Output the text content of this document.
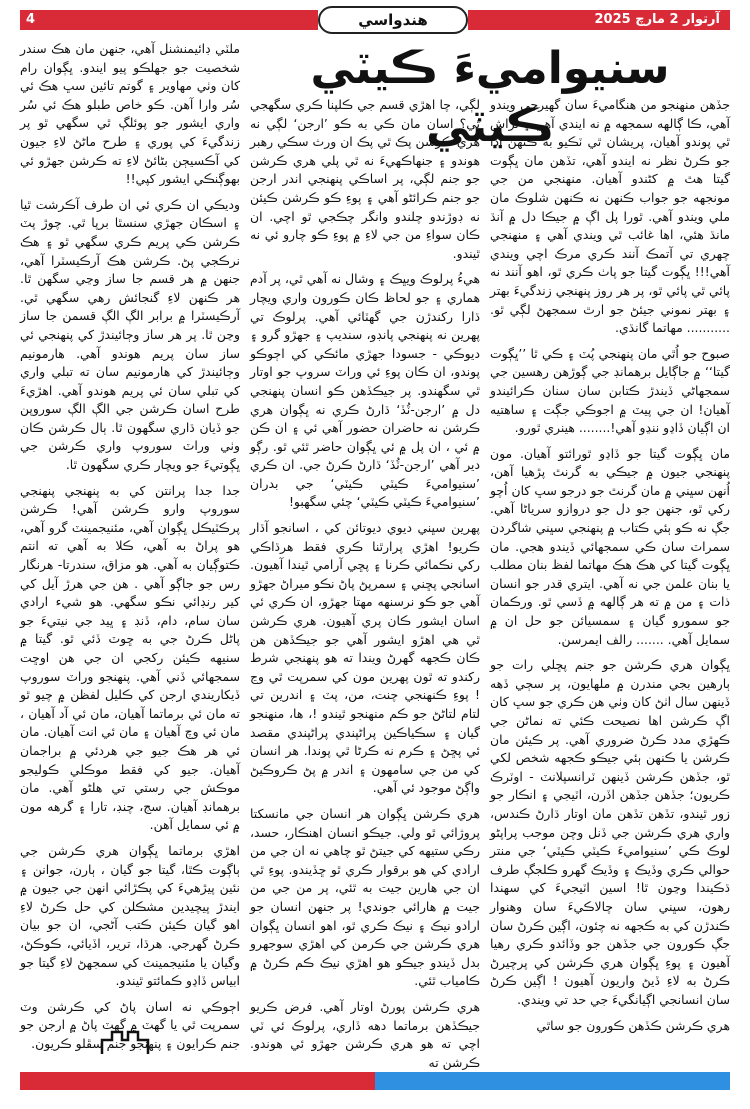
4	هندواسي	آرتوار 2 مارچ 2025
سنيواميءَ ڪيٽي ڪيٽي

جڏهن منهنجو من هنگاميءَ سان گهيرجي ويندو آهي، ڪا ڳالهه سمجهه ۾ نه ايندي آهي ۽ نراش ٿي پوندو آهيان، پريشان ٿي ٽڪيو به ڪنهن آڌا جو ڪرڻ نظر نه ايندو آهي، تڏهن مان ڀڳوت گيتا هٿ ۾ کڻندو آهيان. منهنجي من جي مونجهه جو جواب ڪنهن نه ڪنهن شلوڪ مان ملي ويندو آهي. ٿورا پل اڳ ۾ جيڪا دل ۾ آنڌ مانڌ هئي، اها غائب ٿي ويندي آهي ۽ منهنجي چهري تي آتمڪ آنند ڪري مرڪ اچي ويندي آهي!!! ڀڳوت گيتا جو پاٺ ڪري ٿو، اهو آنند نه پائي ٿي پائي ٿو، پر هر روز پنهنجي زندگيءَ بهتر ۽ بهتر نموني جيئڻ جو ارٿ سمجهڻ لڳي ٿو. ........... مهاتما گانڌي.

صبوح جو اُٿي مان پنهنجي پُٽ ۽ ڪي ٿا ’’ڀڳوت گيتا‘‘ ۾ جاڳايل برهمانڊ جي ڳوڙهن رهسين جي سمجهاڻي ڏيندڙ ڪتابن سان سنان ڪرائيندو آهيان! ان جي پيٽ ۾ اجوڪي جڳت ۽ ساهتيه ان اڳيان ڏاڍو ننڍو آهي!........ هينري ٿورو.

مان ڀڳوت گيتا جو ڏاڍو ٿورائتو آهيان. مون پنهنجي جيون ۾ جيڪي به گرنٿ پڙهيا آهن، اُنهن سڀني ۾ مان گرنٿ جو درجو سڀ کان اُچو رکي ٿو، جنهن جو دل جو دروازو سرياڻا آهي. جڳ نه ڪو ٻئي ڪتاب ۾ پنهنجي سڀني شاگردن سمراٽ سان ڪي سمجهائي ڏيندو هجي. مان ڀڳوت گيتا کي هڪ هڪ مهاتما لفظ بنان مطلب يا بنان علمن جي نه آهي. ايتري قدر جو انسان ذات ۽ من ۾ ته هر ڳالهه ۾ ڏسي ٿو. ورڪمان جو سمورو گيان ۽ سمسيائن جو حل ان ۾ سمايل آهي. ....... رالف ايمرسن.

ڀڳوان هري ڪرشن جو جنم پڇلي رات جو ٻارهين بجي مندرن ۾ ملهايون، پر سڄي ڏهه ڏينهن سال اٺڻ کان وٺي هن ڪري جو سڀ کان اڳ ڪرشن اها نصيحت ڪئي ته نماڻن جي ڪهڙي مدد ڪرڻ ضروري آهي. پر ڪيئن مان ڪرشن يا ڪنهن ٻئي جيڪو ڪجهه شخص لکي ٿو، جڏهن ڪرشن ڏينهن ٽرانسپلانٽ - اوٽرڪ ڪريون؛ جڏهن جڏهن اڏرن، اٽيجي ۽ انڪار جو زور ٿيندو، تڏهن تڏهن مان اوتار ڌارڻ ڪندس، واري هري ڪرشن جي ڏنل وچن موجب پراپڻو لوڪ ڪي ’سنيواميءَ ڪيٽي ڪيٽي‘ جي منتر حوالي ڪري وڏيڪ ۽ وڏيڪ گهرو ڪلجڳ طرف ڌڪيندا وڃون ٿا! اسين اٽيجيءَ کي سهندا رهون، سڀني سان چالاڪيءَ سان وهنوار ڪندڙن کي به ڪجهه نه چئون، اڳين ڪرڻ سان جڳ ڪورون جي جڏهن جو وڏائدو ڪري رهيا آهيون ۽ پوءِ ڀڳوان هري ڪرشن کي پرچيرڻ ڪرڻ به لاءِ ڏيڻ واريون آهيون ! اڳين ڪرڻ سان انسانجي اڳيانگيءَ جي حد تي ويندي.

هري ڪرشن ڪڏهن ڪورون جو ساٿي

لڳي، چا اهڙي قسم جي ڪلپنا ڪري سگهجي ٿي؟ اسان مان ڪي به ڪو ’ارجن‘ لڳي نه هري ڪرشن پڪ ٿي پڪ ان ورث سڪي رهبر هوندو ۽ جنهاڪهيءَ نه ٿي پلي هري ڪرشن جو جنم لڳي، پر اساڪي پنهنجي اندر ارجن جو جنم ڪرائڻو آهي ۽ پوءِ ڪو ڪرشن ڪيئن نه ڊوڙندو چلندو وانگر چڪجي ٿو اچي. ان ڪان سواءِ من جي لاءِ ۾ پوءِ ڪو چارو ئي نه ٿيندو.

هيءُ پرلوڪ ويڀڪ ۽ وشال نه آهي ٿي، پر آدم هماري ۽ جو لحاظ ڪان ڪورون واري ويچار ڌارا رکندڙن جي گهٽائي آهي. پرلوڪ تي پهرين نه پنهنجي پانڊو، سنديپ ۽ جهڙو گرو ۽ ديوڪي - جسودا جهڙي مائڪي کي اڄوڪو پوندو، ان ڪان پوءِ ئي وراٽ سروپ جو اوتار ٿي سگهندو. پر جيڪڏهن ڪو انسان پنهنجي دل ۾ ’ارجن-ٽُڏ‘ ڌارڻ ڪري نه ڀڳوان هري ڪرشن نه حاضران حضور آهي ئي ۽ ان ڪن ۾ ئي ، ان پل ۾ ئي ڀڳوان حاضر ٿئي ٿو. رڳو دير آهي ’ارجن-ٽُڏ‘ ڌارڻ ڪرڻ جي. ان ڪري ’سنيواميءَ ڪيٽي ڪيٽي‘ جي بدران ’سنيواميءَ ڪيٽي ڪيٽي‘ چئي سگهبو!

پهرين سڀني ديوي ديوتائن کي ، اسانجو آڌار ڪريو! اهڙي پرارٿنا ڪري فقط هرڌاڪي رکي نڪمائي ڪرنا ۽ پڇي آرامي ٿيندا آهيون. اسانجي پڇني ۽ سمرپڻ پاڻ نڪو ميراڻ جهڙو آهي جو ڪو نرسنهه مهتا جهڙو، ان ڪري ئي اسان ايشور ڪان پري آهيون. هري ڪرشن ٿي هي اهڙو ايشور آهي جو جيڪڏهن هن ڪان ڪجهه گهرڻ ويندا ته هو پنهنجي شرط رکندو ته ٿون پهرين مون کي سمرپت ٿي وڃ ! پوءِ ڪنهنجي چنت، من، پٽ ۽ اندرين تي لتام لتاڻڻ جو ڪم منهنجو ٿيندو !، ها، منهنجو گيان ۽ سڪياڪين پراڻپندي پراڻپندي مقصد ئي پڇڻ ۽ ڪرم نه ڪرڻا ٿي پوندا. هر انسان کي من جي سامهون ۽ اندر ۾ پڻ ڪروڪيڻ واڳڻ موجود ئي آهي.

هري ڪرشن ڀڳوان هر انسان جي مانسکتا پروژائي ٿو ولي. جيڪو انسان اهنڪار، حسد، رڪي ستيهه کي جيتڻ ٿو چاهي نه ان جي من ارادي کي هو برقوار ڪري ٿو ڇڏيندو. پوءِ ٿي ان جي هارين جيت به ٿئي، پر من جي من جيت ۾ هارائي جوندي! پر جنهن انسان جو ارادو نيڪ ۽ نيڪ ڪري ٿو، اهو انسان ڀڳوان هري ڪرشن جي ڪرمن کي اهڙي سوجهرو بدل ڏيندو جيڪو هو اهڙي نيڪ ڪم ڪرڻ ۾ ڪامياب ٿئي.

هري ڪرشن پورڻ اوتار آهي. فرض ڪريو جيڪڏهن برماتما دهه ڏاري، پرلوڪ ئي ٽي اچي ته هو هري ڪرشن جهڙو ئي هوندو. ڪرشن ته

ملٽي ڊائيمنشنل آهي، جنهن مان هڪ سندر شخصيت جو جهلڪو پيو ايندو. ڀڳوان رام کان وٺي مهاوير ۽ گوتم تائين سڀ هڪ ئي سُر وارا آهن. ڪو خاص طبلو هڪ ئي سُر واري ايشور جو پوئلڳ ٿي سگهي ٿو پر زندگيءَ کي پوري ۽ طرح ماڻڻ لاءِ جيون کي آڪسيڄن بڻائڻ لاءِ ته ڪرشن جهڙو ئي بهوڳنڪي ايشور کپي!!

وديڪي ان ڪري ئي ان طرف آڪرشت ٿيا ۽ اسڪان جهڙي سنسٿا برپا ٿي. چوڙ پٽ ڪرشن ڪي پريم ڪري سگهي ٿو ۽ هڪ نرڪجي پڻ. ڪرشن هڪ آرڪيسٽرا آهي، جنهن ۾ هر قسم جا ساز وڃي سگهن ٿا. هر ڪنهن لاءِ گنجائش رهي سگهي ٿي. آرڪيسٽرا ۾ برابر الڳ الڳ قسمن جا ساز وڃن ٿا. پر هر ساز وڄائيندڙ کي پنهنجي ئي ساز سان پريم هوندو آهي. هارمونيم وڄائيندڙ کي هارمونيم سان ته تبلي واري کي تبلي سان ئي پريم هوندو آهي. اهڙيءَ طرح اسان ڪرشن جي الڳ الڳ سوروپن جو ڏيان ڌاري سگهون ٿا. ٻال ڪرشن ڪان وٺي وراٽ سوروپ واري ڪرشن جي ڀڳوتيءَ جو ويچار ڪري سگهون ٿا.

جدا جدا پرانتن کي به پنهنجي پنهنجي سوروپ وارو ڪرشن آهي! ڪرشن پرڪٽيڪل ڀڳوان آهي، مئنيجمينٽ گرو آهي، هو پراڻ به آهي، ڪلا به آهي ته انتم ڪتوڳيان به آهي. هو مزاق، سندرتا- هرنگار رس جو جاڳو آهي . هن جي هرڙ آيل کي کير رنڊائي نڪو سگهي. هو شيء ارادي سان سام، دام، ڏنڊ ۽ ڀيد جي نيتيءَ جو پاڻل ڪرڻ جي به ڇوٽ ڏئي ٿو. گيتا ۾ سنيهه ڪيئن رکجي ان جي هن اوڇت سمجهائي ڏني آهي. پنهنجو وراٽ سوروپ ڏيکاريندي ارجن کي ڪليل لفظن ۾ چيو ٿو ته مان ئي برماتما آهيان، مان ئي آد آهيان ، مان ئي وچ آهيان ۽ مان ئي انت آهيان. مان ئي هر هڪ جيو جي هردئي ۾ براجمان آهيان. جيو کي فقط موڪلي ڪوليجو موڪش جي رستي تي هلڻو آهي. مان برهمانڊ آهيان. سج، چنڊ، تارا ۽ گرهه مون ۾ ئي سمايل آهن.

اهڙي برماتما ڀڳوان هري ڪرشن جي ٻاڳوت ڪٿا، گيتا جو گيان ، ٻارن، جوانن ۽ نئين پيڙهيءَ کي پڪڙائي انهن جي جيون ۾ ايندڙ پيچيدين مشڪلن کي حل ڪرڻ لاءِ اهو گيان ڪيئن ڪتب آڻجي، ان جو بيان ڪرڻ گهرجي. هرڌا، ترير، اڏيائي، ڪوڪڻ، وگيان يا مئنيجمينٽ کي سمجهڻ لاءِ گيتا جو ابياس ڏاڍو ڪمائتو ٿيندو.

اڄوڪي نه اسان پاڻ کي ڪرشن وٽ سمرپت ٿي يا گهٽ ۾ گهٽ پاڻ ۾ ارجن جو جنم ڪرايون ۽ پنهنجو جنم سڦلو ڪريون.
